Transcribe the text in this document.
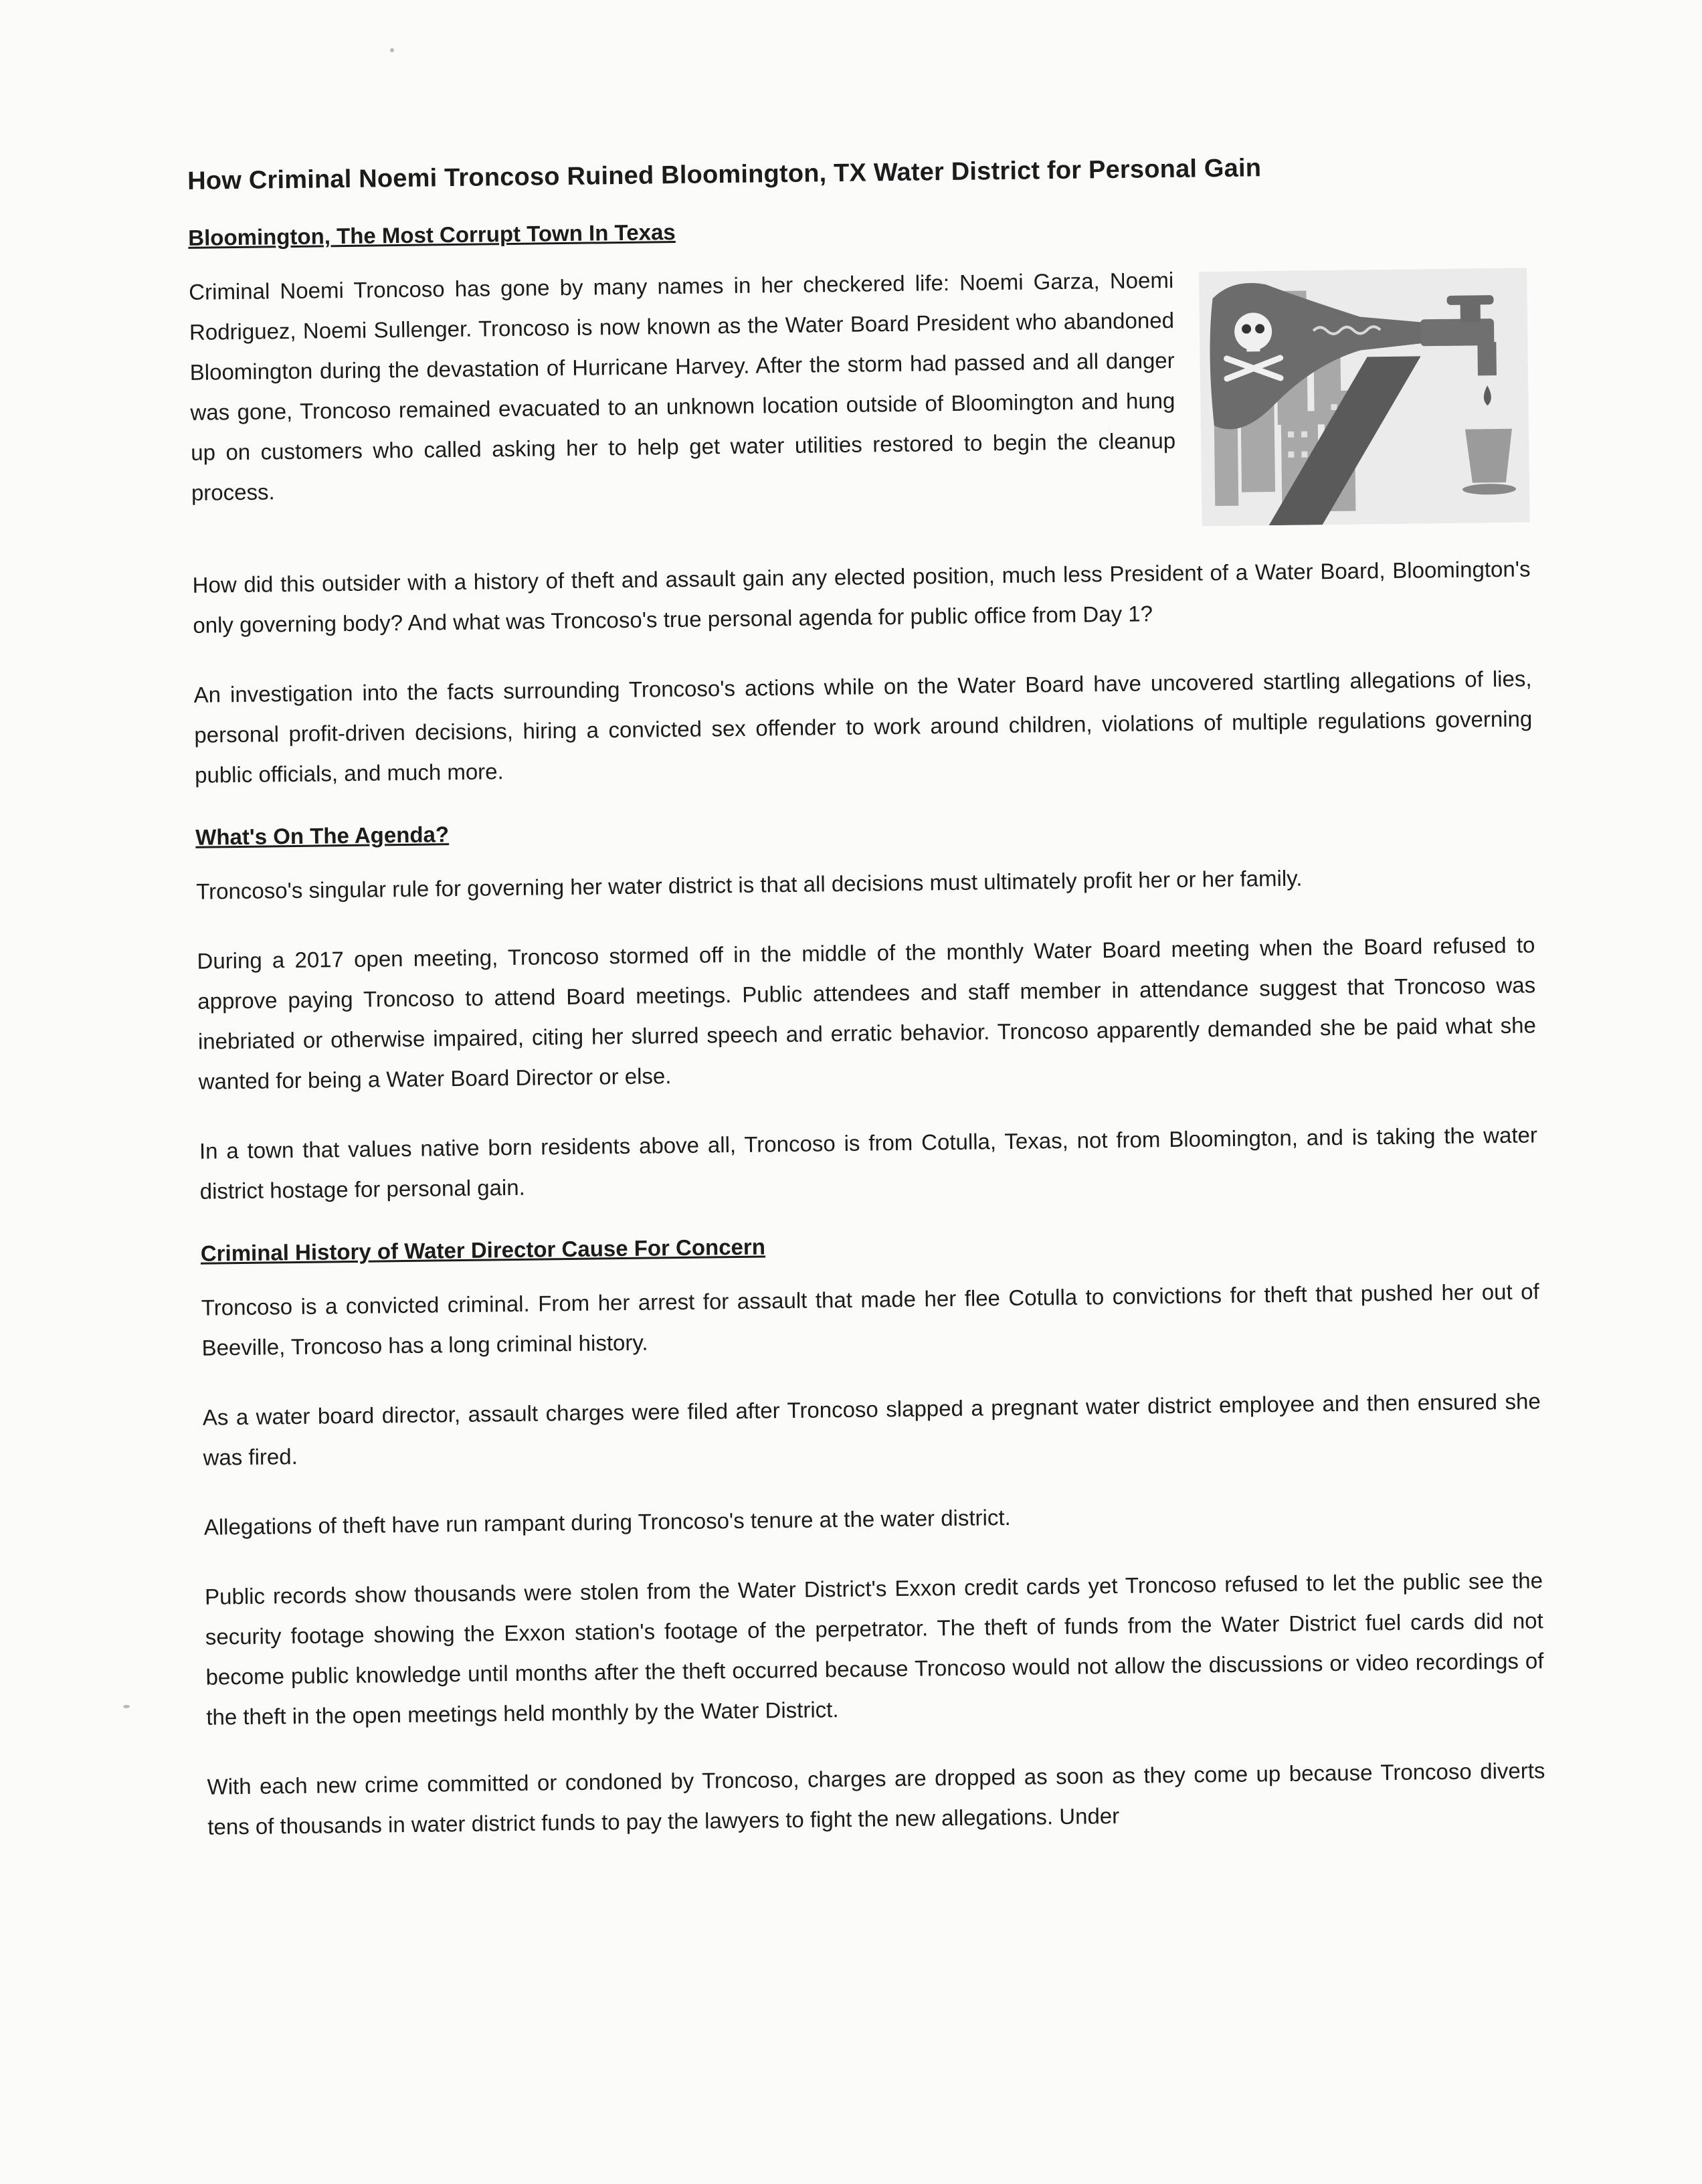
How Criminal Noemi Troncoso Ruined Bloomington, TX Water District for Personal Gain
Bloomington, The Most Corrupt Town In Texas

Criminal Noemi Troncoso has gone by many names in her checkered life: Noemi Garza, Noemi Rodriguez, Noemi Sullenger. Troncoso is now known as the Water Board President who abandoned Bloomington during the devastation of Hurricane Harvey. After the storm had passed and all danger was gone, Troncoso remained evacuated to an unknown location outside of Bloomington and hung up on customers who called asking her to help get water utilities restored to begin the cleanup process.

How did this outsider with a history of theft and assault gain any elected position, much less President of a Water Board, Bloomington's only governing body? And what was Troncoso's true personal agenda for public office from Day 1?

An investigation into the facts surrounding Troncoso's actions while on the Water Board have uncovered startling allegations of lies, personal profit-driven decisions, hiring a convicted sex offender to work around children, violations of multiple regulations governing public officials, and much more.

What's On The Agenda?

Troncoso's singular rule for governing her water district is that all decisions must ultimately profit her or her family.

During a 2017 open meeting, Troncoso stormed off in the middle of the monthly Water Board meeting when the Board refused to approve paying Troncoso to attend Board meetings. Public attendees and staff member in attendance suggest that Troncoso was inebriated or otherwise impaired, citing her slurred speech and erratic behavior. Troncoso apparently demanded she be paid what she wanted for being a Water Board Director or else.

In a town that values native born residents above all, Troncoso is from Cotulla, Texas, not from Bloomington, and is taking the water district hostage for personal gain.

Criminal History of Water Director Cause For Concern

Troncoso is a convicted criminal. From her arrest for assault that made her flee Cotulla to convictions for theft that pushed her out of Beeville, Troncoso has a long criminal history.

As a water board director, assault charges were filed after Troncoso slapped a pregnant water district employee and then ensured she was fired.

Allegations of theft have run rampant during Troncoso's tenure at the water district.

Public records show thousands were stolen from the Water District's Exxon credit cards yet Troncoso refused to let the public see the security footage showing the Exxon station's footage of the perpetrator. The theft of funds from the Water District fuel cards did not become public knowledge until months after the theft occurred because Troncoso would not allow the discussions or video recordings of the theft in the open meetings held monthly by the Water District.

With each new crime committed or condoned by Troncoso, charges are dropped as soon as they come up because Troncoso diverts tens of thousands in water district funds to pay the lawyers to fight the new allegations. Under
